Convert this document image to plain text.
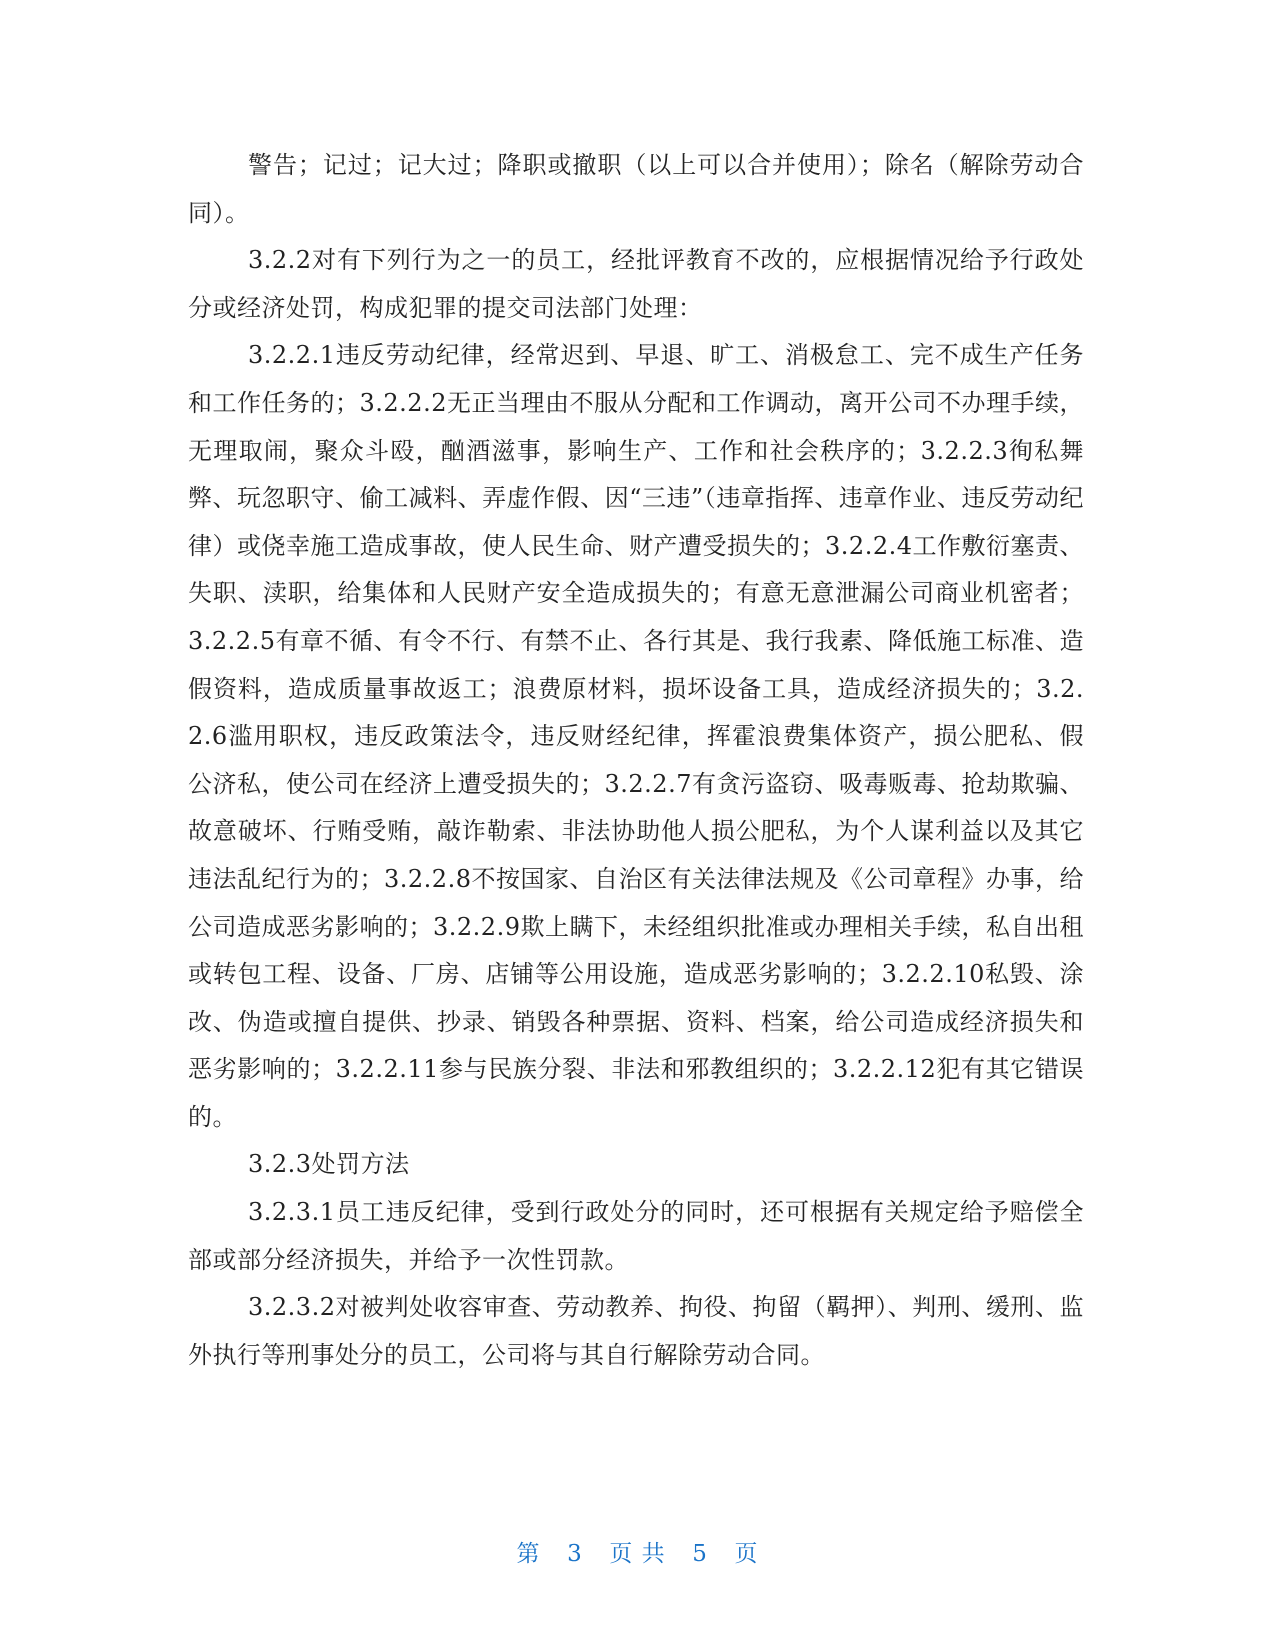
警告；记过；记大过；降职或撤职（以上可以合并使用）；除名（解除劳动合同）。

3.2.2对有下列行为之一的员工，经批评教育不改的，应根据情况给予行政处分或经济处罚，构成犯罪的提交司法部门处理：

3.2.2.1违反劳动纪律，经常迟到、早退、旷工、消极怠工、完不成生产任务和工作任务的；3.2.2.2无正当理由不服从分配和工作调动，离开公司不办理手续，无理取闹，聚众斗殴，酗酒滋事，影响生产、工作和社会秩序的；3.2.2.3徇私舞弊、玩忽职守、偷工减料、弄虚作假、因“三违”（违章指挥、违章作业、违反劳动纪律）或侥幸施工造成事故，使人民生命、财产遭受损失的；3.2.2.4工作敷衍塞责、失职、渎职，给集体和人民财产安全造成损失的；有意无意泄漏公司商业机密者；3.2.2.5有章不循、有令不行、有禁不止、各行其是、我行我素、降低施工标准、造假资料，造成质量事故返工；浪费原材料，损坏设备工具，造成经济损失的；3.2.2.6滥用职权，违反政策法令，违反财经纪律，挥霍浪费集体资产，损公肥私、假公济私，使公司在经济上遭受损失的；3.2.2.7有贪污盗窃、吸毒贩毒、抢劫欺骗、故意破坏、行贿受贿，敲诈勒索、非法协助他人损公肥私，为个人谋利益以及其它违法乱纪行为的；3.2.2.8不按国家、自治区有关法律法规及《公司章程》办事，给公司造成恶劣影响的；3.2.2.9欺上瞒下，未经组织批准或办理相关手续，私自出租或转包工程、设备、厂房、店铺等公用设施，造成恶劣影响的；3.2.2.10私毁、涂改、伪造或擅自提供、抄录、销毁各种票据、资料、档案，给公司造成经济损失和恶劣影响的；3.2.2.11参与民族分裂、非法和邪教组织的；3.2.2.12犯有其它错误的。

3.2.3处罚方法

3.2.3.1员工违反纪律，受到行政处分的同时，还可根据有关规定给予赔偿全部或部分经济损失，并给予一次性罚款。

3.2.3.2对被判处收容审查、劳动教养、拘役、拘留（羁押）、判刑、缓刑、监外执行等刑事处分的员工，公司将与其自行解除劳动合同。

第 3 页 共 5 页
